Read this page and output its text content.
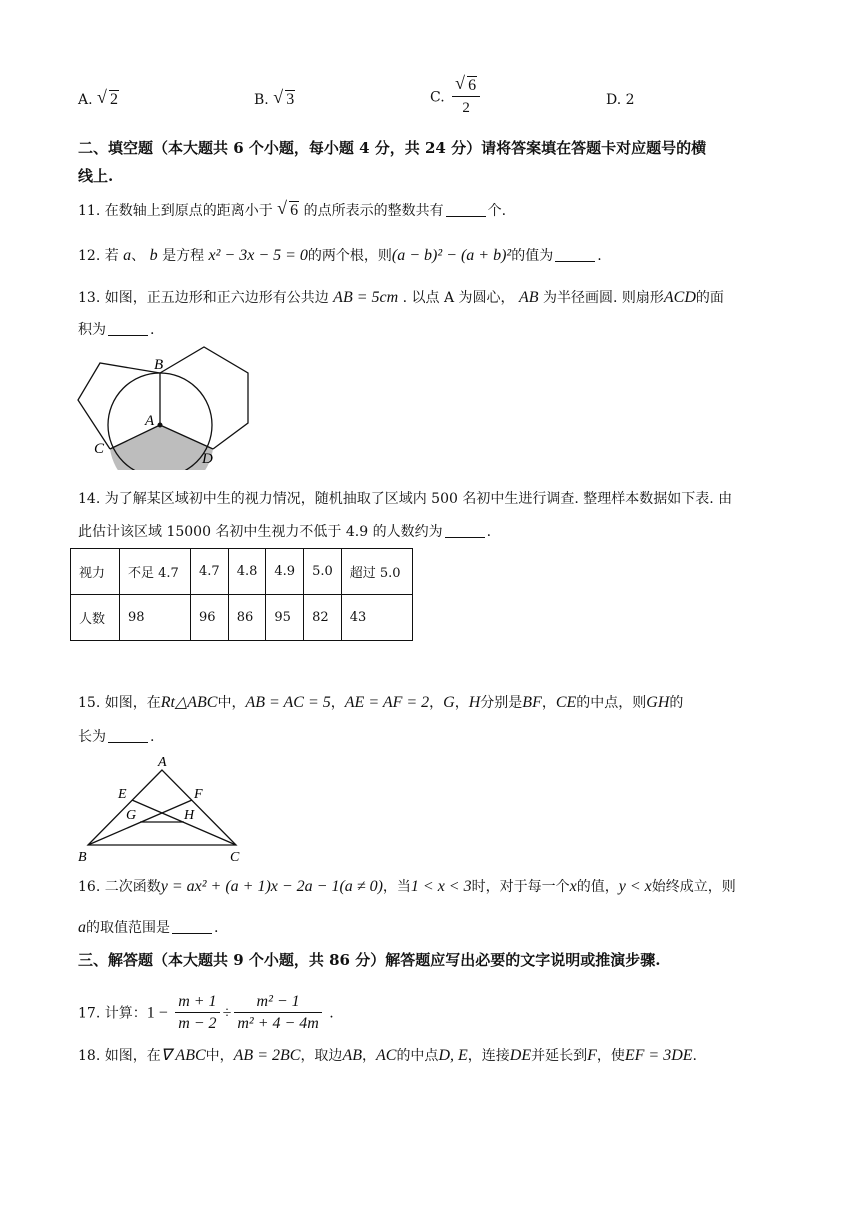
A. √ 2	B. √ 3	C. $\frac{√ 6}{2}$	D. 2
二、填空题（本大题共 6 个小题，每小题 4 分，共 24 分）请将答案填在答题卡对应题号的横
线上.
11. 在数轴上到原点的距离小于 √ 6 的点所表示的整数共有	个.
12. 若 a、 b 是方程 x² − 3x − 5 = 0的两个根，则(a − b)² − (a + b)²的值为	.
13. 如图，正五边形和正六边形有公共边 AB = 5cm . 以点 A 为圆心， AB 为半径画圆. 则扇形ACD的面
积为	.
B
A
C
D
14. 为了解某区域初中生的视力情况，随机抽取了区域内 500 名初中生进行调查. 整理样本数据如下表. 由
此估计该区域 15000 名初中生视力不低于 4.9 的人数约为	.
视力	不足 4.7	4.7	4.8	4.9	5.0	超过 5.0
人数	98	96	86	95	82	43
15. 如图，在Rt△ABC中，AB = AC = 5，AE = AF = 2，G，H分别是BF，CE的中点，则GH的
长为	.
A
E	F
G	H
B	C
16. 二次函数y = ax² + (a + 1)x − 2a − 1(a ≠ 0)，当1 < x < 3时，对于每一个x的值，y < x始终成立，则
a的取值范围是	.
三、解答题（本大题共 9 个小题，共 86 分）解答题应写出必要的文字说明或推演步骤.
17. 计算：$1 - \frac{m + 1}{m - 2} \div \frac{\text{m² − 1}}{\text{m² + 4 − 4m}}$ .
18. 如图，在∇ ABC中，AB = 2BC，取边AB，AC的中点D, E，连接DE并延长到F，使EF = 3DE.
